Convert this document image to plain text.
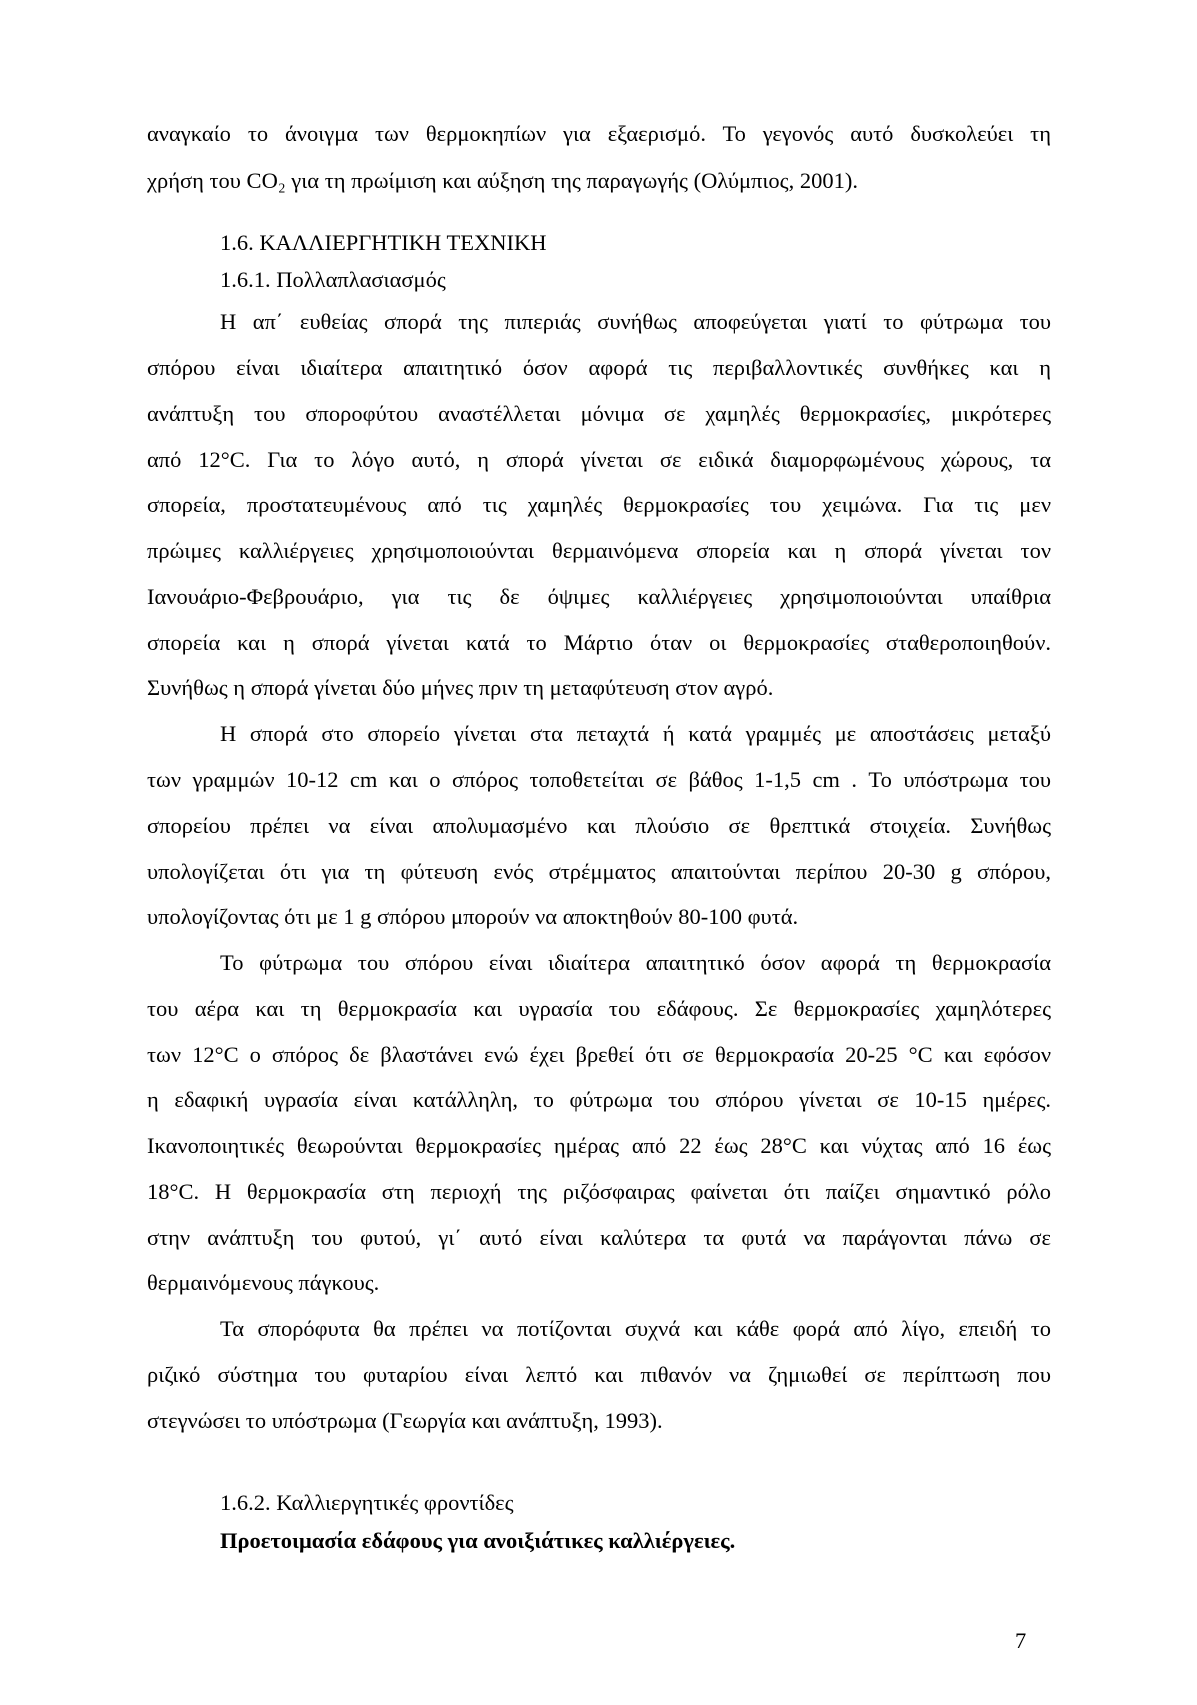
αναγκαίο το άνοιγμα των θερμοκηπίων για εξαερισμό. Το γεγονός αυτό δυσκολεύει τη
χρήση του CO₂ για τη πρωίμιση και αύξηση της παραγωγής (Ολύμπιος, 2001).
1.6. ΚΑΛΛΙΕΡΓΗΤΙΚΗ ΤΕΧΝΙΚΗ
1.6.1. Πολλαπλασιασμός
Η απ΄ ευθείας σπορά της πιπεριάς συνήθως αποφεύγεται γιατί το φύτρωμα του
σπόρου είναι ιδιαίτερα απαιτητικό όσον αφορά τις περιβαλλοντικές συνθήκες και η
ανάπτυξη του σποροφύτου αναστέλλεται μόνιμα σε χαμηλές θερμοκρασίες, μικρότερες
από 12°C. Για το λόγο αυτό, η σπορά γίνεται σε ειδικά διαμορφωμένους χώρους, τα
σπορεία, προστατευμένους από τις χαμηλές θερμοκρασίες του χειμώνα. Για τις μεν
πρώιμες καλλιέργειες χρησιμοποιούνται θερμαινόμενα σπορεία και η σπορά γίνεται τον
Ιανουάριο-Φεβρουάριο, για τις δε όψιμες καλλιέργειες χρησιμοποιούνται υπαίθρια
σπορεία και η σπορά γίνεται κατά το Μάρτιο όταν οι θερμοκρασίες σταθεροποιηθούν.
Συνήθως η σπορά γίνεται δύο μήνες πριν τη μεταφύτευση στον αγρό.
Η σπορά στο σπορείο γίνεται στα πεταχτά ή κατά γραμμές με αποστάσεις μεταξύ
των γραμμών 10-12 cm και ο σπόρος τοποθετείται σε βάθος 1-1,5 cm . Το υπόστρωμα του
σπορείου πρέπει να είναι απολυμασμένο και πλούσιο σε θρεπτικά στοιχεία. Συνήθως
υπολογίζεται ότι για τη φύτευση ενός στρέμματος απαιτούνται περίπου 20-30 g σπόρου,
υπολογίζοντας ότι με 1 g σπόρου μπορούν να αποκτηθούν 80-100 φυτά.
Το φύτρωμα του σπόρου είναι ιδιαίτερα απαιτητικό όσον αφορά τη θερμοκρασία
του αέρα και τη θερμοκρασία και υγρασία του εδάφους. Σε θερμοκρασίες χαμηλότερες
των 12°C ο σπόρος δε βλαστάνει ενώ έχει βρεθεί ότι σε θερμοκρασία 20-25 °C και εφόσον
η εδαφική υγρασία είναι κατάλληλη, το φύτρωμα του σπόρου γίνεται σε 10-15 ημέρες.
Ικανοποιητικές θεωρούνται θερμοκρασίες ημέρας από 22 έως 28°C και νύχτας από 16 έως
18°C. Η θερμοκρασία στη περιοχή της ριζόσφαιρας φαίνεται ότι παίζει σημαντικό ρόλο
στην ανάπτυξη του φυτού, γι΄ αυτό είναι καλύτερα τα φυτά να παράγονται πάνω σε
θερμαινόμενους πάγκους.
Τα σπορόφυτα θα πρέπει να ποτίζονται συχνά και κάθε φορά από λίγο, επειδή το
ριζικό σύστημα του φυταρίου είναι λεπτό και πιθανόν να ζημιωθεί σε περίπτωση που
στεγνώσει το υπόστρωμα (Γεωργία και ανάπτυξη, 1993).
1.6.2. Καλλιεργητικές φροντίδες
Προετοιμασία εδάφους για ανοιξιάτικες καλλιέργειες.
7
